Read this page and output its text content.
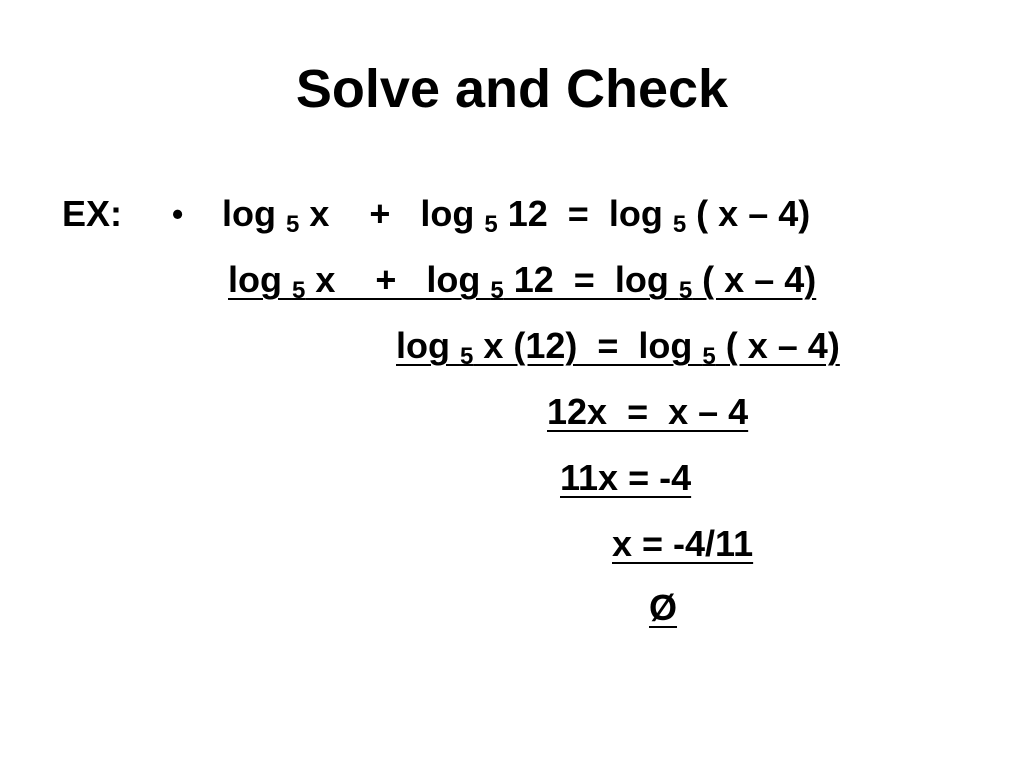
Solve and Check
EX: • log $_5$ x    +   log $_5$ 12  =  log $_5$ ( x – 4)
log $_5$ x    +   log $_5$ 12  =  log $_5$ ( x – 4)
log $_5$ x (12)  =  log $_5$ ( x – 4)
12x  =  x – 4
11x = -4
x = -4/11
Ø
